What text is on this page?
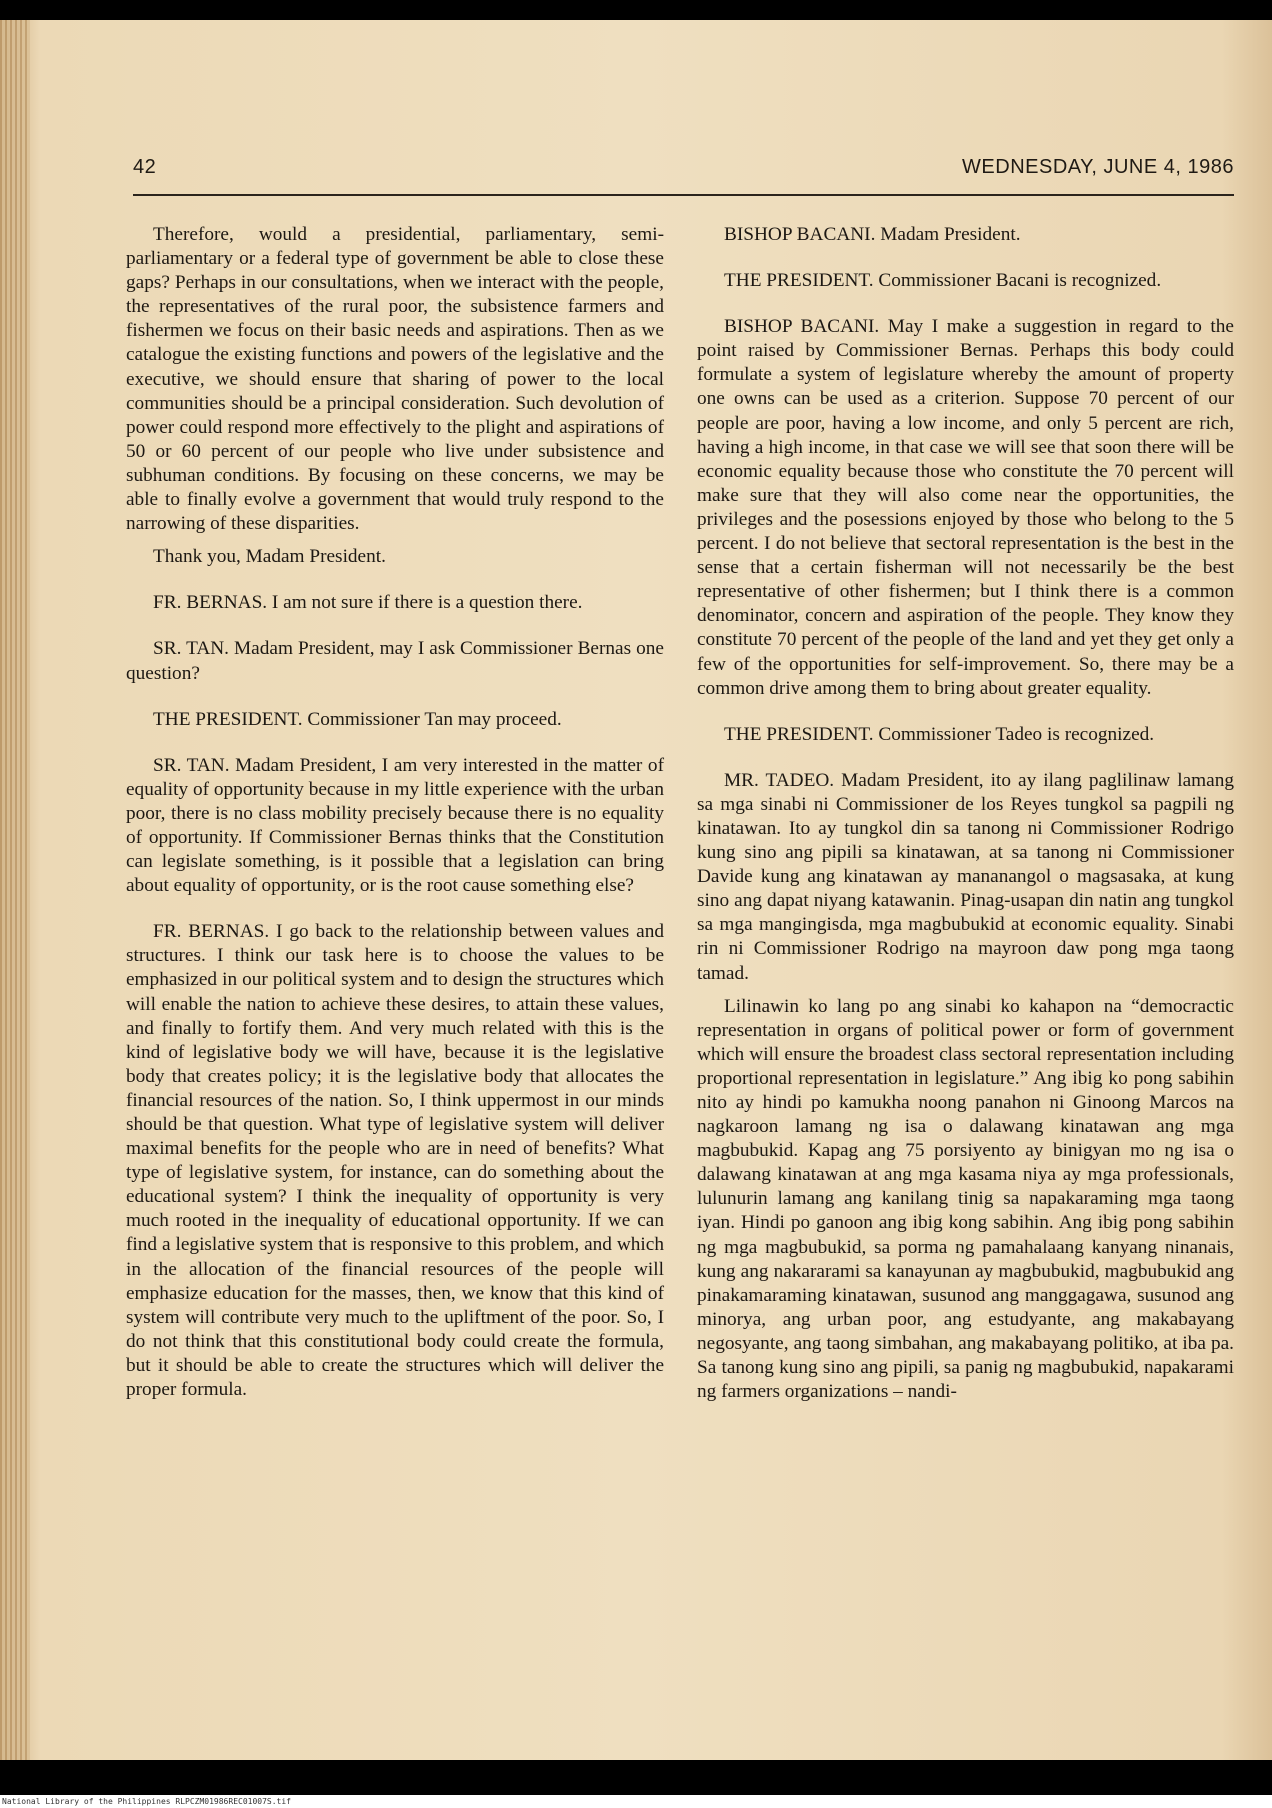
42	WEDNESDAY, JUNE 4, 1986

Therefore, would a presidential, parliamentary, semi-parliamentary or a federal type of government be able to close these gaps? Perhaps in our consultations, when we interact with the people, the representatives of the rural poor, the subsistence farmers and fishermen we focus on their basic needs and aspirations. Then as we catalogue the existing functions and powers of the legislative and the executive, we should ensure that sharing of power to the local communities should be a principal consideration. Such devolution of power could respond more effectively to the plight and aspirations of 50 or 60 percent of our people who live under subsistence and subhuman conditions. By focusing on these concerns, we may be able to finally evolve a government that would truly respond to the narrowing of these disparities.

Thank you, Madam President.

FR. BERNAS. I am not sure if there is a question there.

SR. TAN. Madam President, may I ask Commissioner Bernas one question?

THE PRESIDENT. Commissioner Tan may proceed.

SR. TAN. Madam President, I am very interested in the matter of equality of opportunity because in my little experience with the urban poor, there is no class mobility precisely because there is no equality of opportunity. If Commissioner Bernas thinks that the Constitution can legislate something, is it possible that a legislation can bring about equality of opportunity, or is the root cause something else?

FR. BERNAS. I go back to the relationship between values and structures. I think our task here is to choose the values to be emphasized in our political system and to design the structures which will enable the nation to achieve these desires, to attain these values, and finally to fortify them. And very much related with this is the kind of legislative body we will have, because it is the legislative body that creates policy; it is the legislative body that allocates the financial resources of the nation. So, I think uppermost in our minds should be that question. What type of legislative system will deliver maximal benefits for the people who are in need of benefits? What type of legislative system, for instance, can do something about the educational system? I think the inequality of opportunity is very much rooted in the inequality of educational opportunity. If we can find a legislative system that is responsive to this problem, and which in the allocation of the financial resources of the people will emphasize education for the masses, then, we know that this kind of system will contribute very much to the upliftment of the poor. So, I do not think that this constitutional body could create the formula, but it should be able to create the structures which will deliver the proper formula.

BISHOP BACANI. Madam President.

THE PRESIDENT. Commissioner Bacani is recognized.

BISHOP BACANI. May I make a suggestion in regard to the point raised by Commissioner Bernas. Perhaps this body could formulate a system of legislature whereby the amount of property one owns can be used as a criterion. Suppose 70 percent of our people are poor, having a low income, and only 5 percent are rich, having a high income, in that case we will see that soon there will be economic equality because those who constitute the 70 percent will make sure that they will also come near the opportunities, the privileges and the posessions enjoyed by those who belong to the 5 percent. I do not believe that sectoral representation is the best in the sense that a certain fisherman will not necessarily be the best representative of other fishermen; but I think there is a common denominator, concern and aspiration of the people. They know they constitute 70 percent of the people of the land and yet they get only a few of the opportunities for self-improvement. So, there may be a common drive among them to bring about greater equality.

THE PRESIDENT. Commissioner Tadeo is recognized.

MR. TADEO. Madam President, ito ay ilang paglilinaw lamang sa mga sinabi ni Commissioner de los Reyes tungkol sa pagpili ng kinatawan. Ito ay tungkol din sa tanong ni Commissioner Rodrigo kung sino ang pipili sa kinatawan, at sa tanong ni Commissioner Davide kung ang kinatawan ay mananangol o magsasaka, at kung sino ang dapat niyang katawanin. Pinag-usapan din natin ang tungkol sa mga mangingisda, mga magbubukid at economic equality. Sinabi rin ni Commissioner Rodrigo na mayroon daw pong mga taong tamad.

Lilinawin ko lang po ang sinabi ko kahapon na “democractic representation in organs of political power or form of government which will ensure the broadest class sectoral representation including proportional representation in legislature.” Ang ibig ko pong sabihin nito ay hindi po kamukha noong panahon ni Ginoong Marcos na nagkaroon lamang ng isa o dalawang kinatawan ang mga magbubukid. Kapag ang 75 porsiyento ay binigyan mo ng isa o dalawang kinatawan at ang mga kasama niya ay mga professionals, lulunurin lamang ang kanilang tinig sa napakaraming mga taong iyan. Hindi po ganoon ang ibig kong sabihin. Ang ibig pong sabihin ng mga magbubukid, sa porma ng pamahalaang kanyang ninanais, kung ang nakararami sa kanayunan ay magbubukid, magbubukid ang pinakamaraming kinatawan, susunod ang manggagawa, susunod ang minorya, ang urban poor, ang estudyante, ang makabayang negosyante, ang taong simbahan, ang makabayang politiko, at iba pa. Sa tanong kung sino ang pipili, sa panig ng magbubukid, napakarami ng farmers organizations – nandi-

National Library of the Philippines RLPCZM01986REC01007S.tif
